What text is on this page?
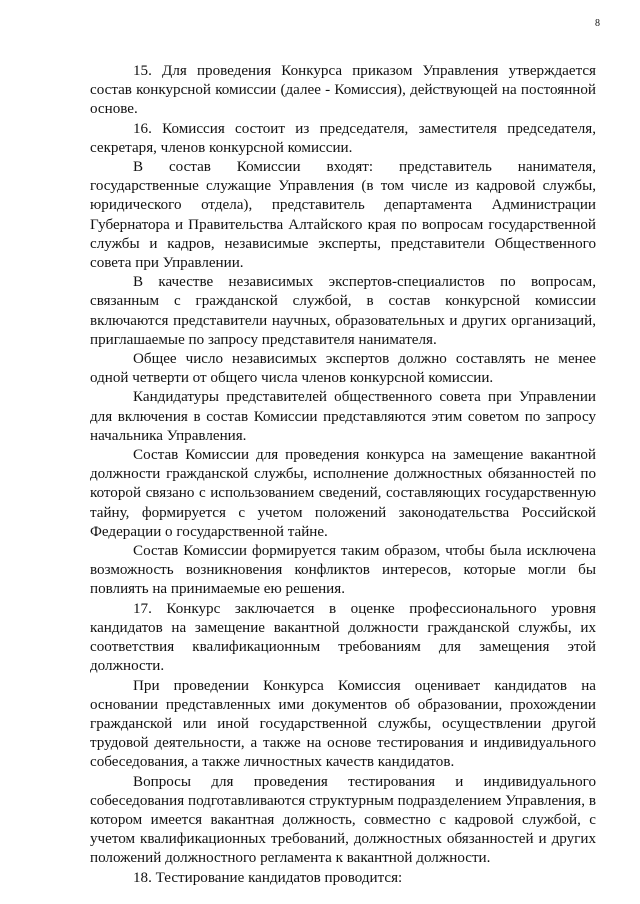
8

15. Для проведения Конкурса приказом Управления утверждается состав конкурсной комиссии (далее - Комиссия), действующей на постоянной основе.

16. Комиссия состоит из председателя, заместителя председателя, секретаря, членов конкурсной комиссии.

В состав Комиссии входят: представитель нанимателя, государственные служащие Управления (в том числе из кадровой службы, юридического отдела), представитель департамента Администрации Губернатора и Правительства Алтайского края по вопросам государственной службы и кадров, независимые эксперты, представители Общественного совета при Управлении.

В качестве независимых экспертов-специалистов по вопросам, связанным с гражданской службой, в состав конкурсной комиссии включаются представители научных, образовательных и других организаций, приглашаемые по запросу представителя нанимателя.

Общее число независимых экспертов должно составлять не менее одной четверти от общего числа членов конкурсной комиссии.

Кандидатуры представителей общественного совета при Управлении для включения в состав Комиссии представляются этим советом по запросу начальника Управления.

Состав Комиссии для проведения конкурса на замещение вакантной должности гражданской службы, исполнение должностных обязанностей по которой связано с использованием сведений, составляющих государственную тайну, формируется с учетом положений законодательства Российской Федерации о государственной тайне.

Состав Комиссии формируется таким образом, чтобы была исключена возможность возникновения конфликтов интересов, которые могли бы повлиять на принимаемые ею решения.

17. Конкурс заключается в оценке профессионального уровня кандидатов на замещение вакантной должности гражданской службы, их соответствия квалификационным требованиям для замещения этой должности.

При проведении Конкурса Комиссия оценивает кандидатов на основании представленных ими документов об образовании, прохождении гражданской или иной государственной службы, осуществлении другой трудовой деятельности, а также на основе тестирования и индивидуального собеседования, а также личностных качеств кандидатов.

Вопросы для проведения тестирования и индивидуального собеседования подготавливаются структурным подразделением Управления, в котором имеется вакантная должность, совместно с кадровой службой, с учетом квалификационных требований, должностных обязанностей и других положений должностного регламента к вакантной должности.

18. Тестирование кандидатов проводится:
